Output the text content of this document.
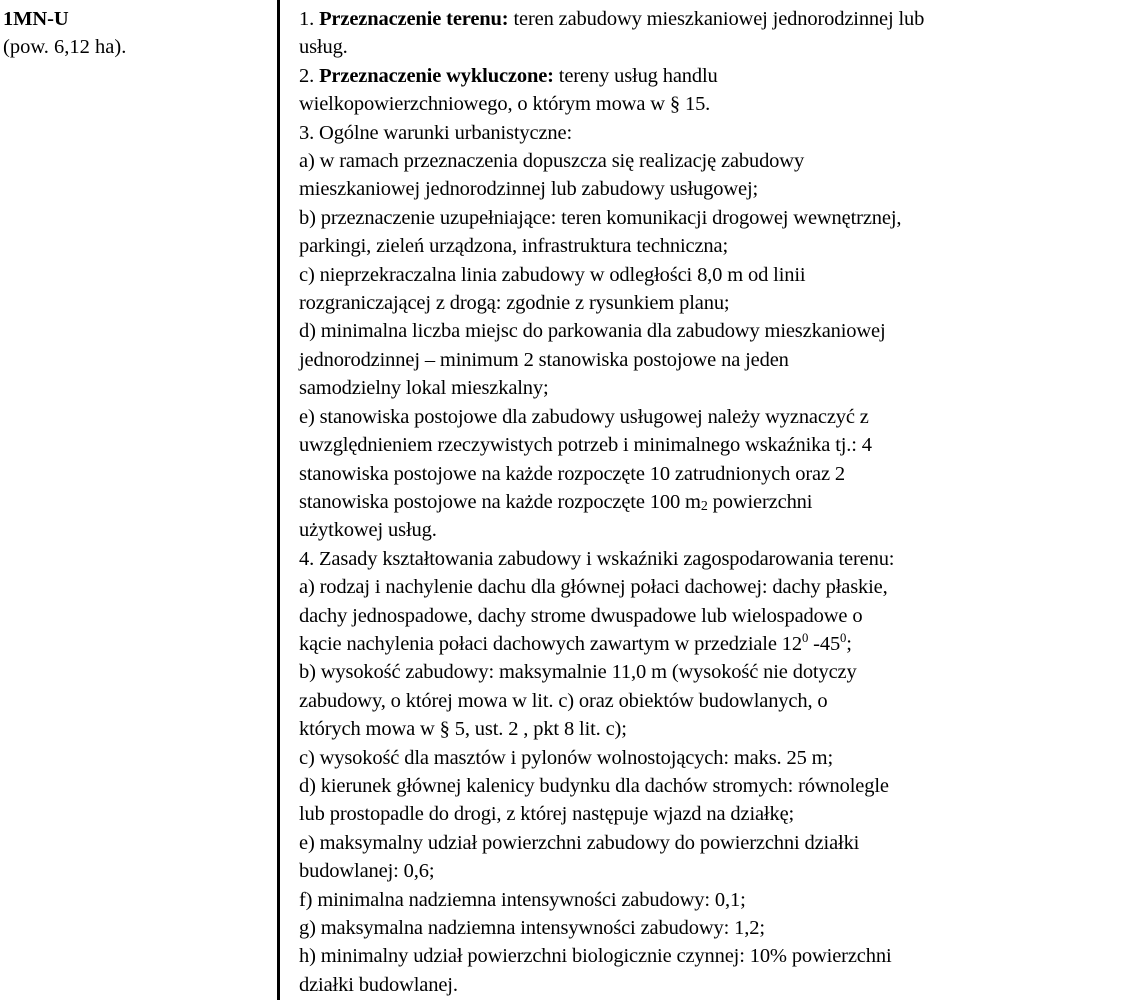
1MN-U
(pow. 6,12 ha).
1. Przeznaczenie terenu: teren zabudowy mieszkaniowej jednorodzinnej lub
usług.
2. Przeznaczenie wykluczone: tereny usług handlu
wielkopowierzchniowego, o którym mowa w § 15.
3. Ogólne warunki urbanistyczne:
a) w ramach przeznaczenia dopuszcza się realizację zabudowy
mieszkaniowej jednorodzinnej lub zabudowy usługowej;
b) przeznaczenie uzupełniające: teren komunikacji drogowej wewnętrznej,
parkingi, zieleń urządzona, infrastruktura techniczna;
c) nieprzekraczalna linia zabudowy w odległości 8,0 m od linii
rozgraniczającej z drogą: zgodnie z rysunkiem planu;
d) minimalna liczba miejsc do parkowania dla zabudowy mieszkaniowej
jednorodzinnej – minimum 2 stanowiska postojowe na jeden
samodzielny lokal mieszkalny;
e) stanowiska postojowe dla zabudowy usługowej należy wyznaczyć z
uwzględnieniem rzeczywistych potrzeb i minimalnego wskaźnika tj.: 4
stanowiska postojowe na każde rozpoczęte 10 zatrudnionych oraz 2
stanowiska postojowe na każde rozpoczęte 100 $m_2$ powierzchni
użytkowej usług.
4. Zasady kształtowania zabudowy i wskaźniki zagospodarowania terenu:
a) rodzaj i nachylenie dachu dla głównej połaci dachowej: dachy płaskie,
dachy jednospadowe, dachy strome dwuspadowe lub wielospadowe o
kącie nachylenia połaci dachowych zawartym w przedziale $12^0$ $-45^0$;
b) wysokość zabudowy: maksymalnie 11,0 m (wysokość nie dotyczy
zabudowy, o której mowa w lit. c) oraz obiektów budowlanych, o
których mowa w § 5, ust. 2 , pkt 8 lit. c);
c) wysokość dla masztów i pylonów wolnostojących: maks. 25 m;
d) kierunek głównej kalenicy budynku dla dachów stromych: równolegle
lub prostopadle do drogi, z której następuje wjazd na działkę;
e) maksymalny udział powierzchni zabudowy do powierzchni działki
budowlanej: 0,6;
f) minimalna nadziemna intensywności zabudowy: 0,1;
g) maksymalna nadziemna intensywności zabudowy: 1,2;
h) minimalny udział powierzchni biologicznie czynnej: 10% powierzchni
działki budowlanej.
